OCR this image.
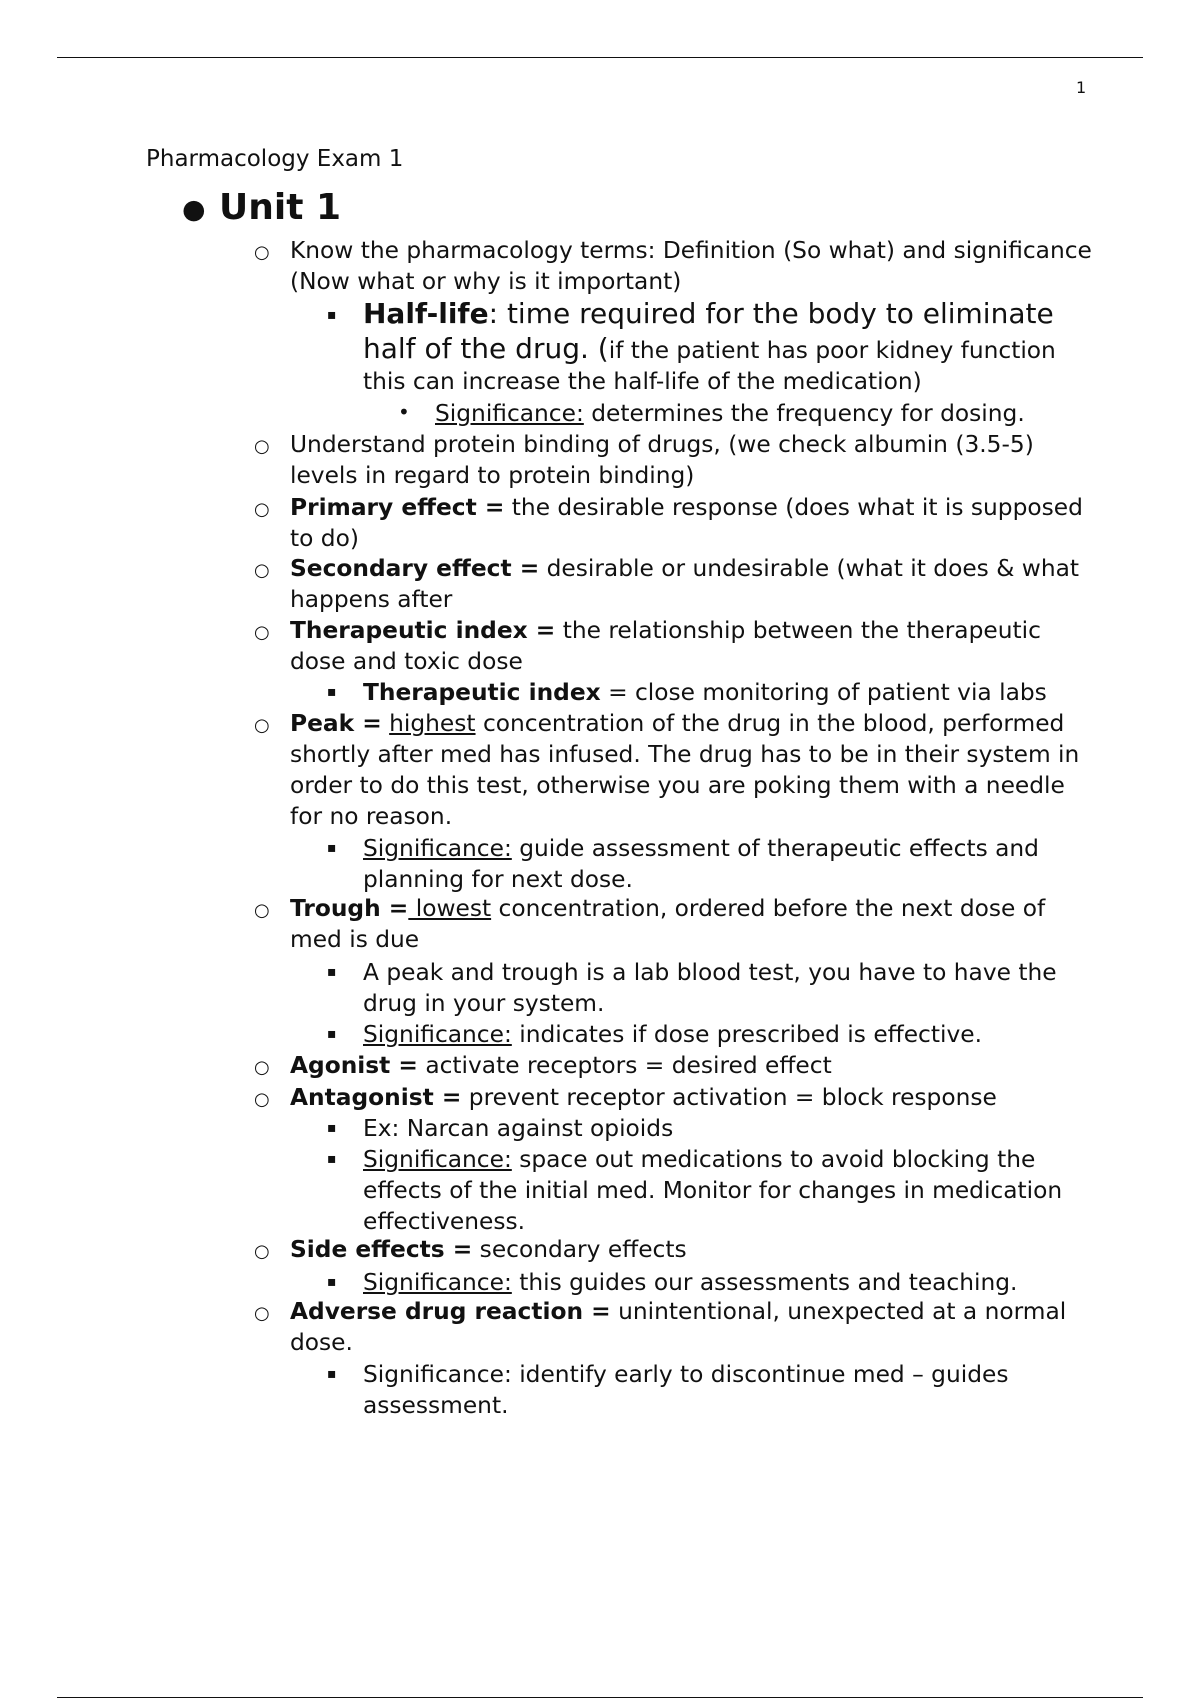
1
Pharmacology Exam 1
● Unit 1
○ Know the pharmacology terms: Definition (So what) and significance (Now what or why is it important)
▪ Half-life: time required for the body to eliminate half of the drug. (if the patient has poor kidney function this can increase the half-life of the medication)
• Significance: determines the frequency for dosing.
○ Understand protein binding of drugs, (we check albumin (3.5-5) levels in regard to protein binding)
○ Primary effect = the desirable response (does what it is supposed to do)
○ Secondary effect = desirable or undesirable (what it does & what happens after
○ Therapeutic index = the relationship between the therapeutic dose and toxic dose
▪ Therapeutic index = close monitoring of patient via labs
○ Peak = highest concentration of the drug in the blood, performed shortly after med has infused. The drug has to be in their system in order to do this test, otherwise you are poking them with a needle for no reason.
▪ Significance: guide assessment of therapeutic effects and planning for next dose.
○ Trough = lowest concentration, ordered before the next dose of med is due
▪ A peak and trough is a lab blood test, you have to have the drug in your system.
▪ Significance: indicates if dose prescribed is effective.
○ Agonist = activate receptors = desired effect
○ Antagonist = prevent receptor activation = block response
▪ Ex: Narcan against opioids
▪ Significance: space out medications to avoid blocking the effects of the initial med. Monitor for changes in medication effectiveness.
○ Side effects = secondary effects
▪ Significance: this guides our assessments and teaching.
○ Adverse drug reaction = unintentional, unexpected at a normal dose.
▪ Significance: identify early to discontinue med – guides assessment.
